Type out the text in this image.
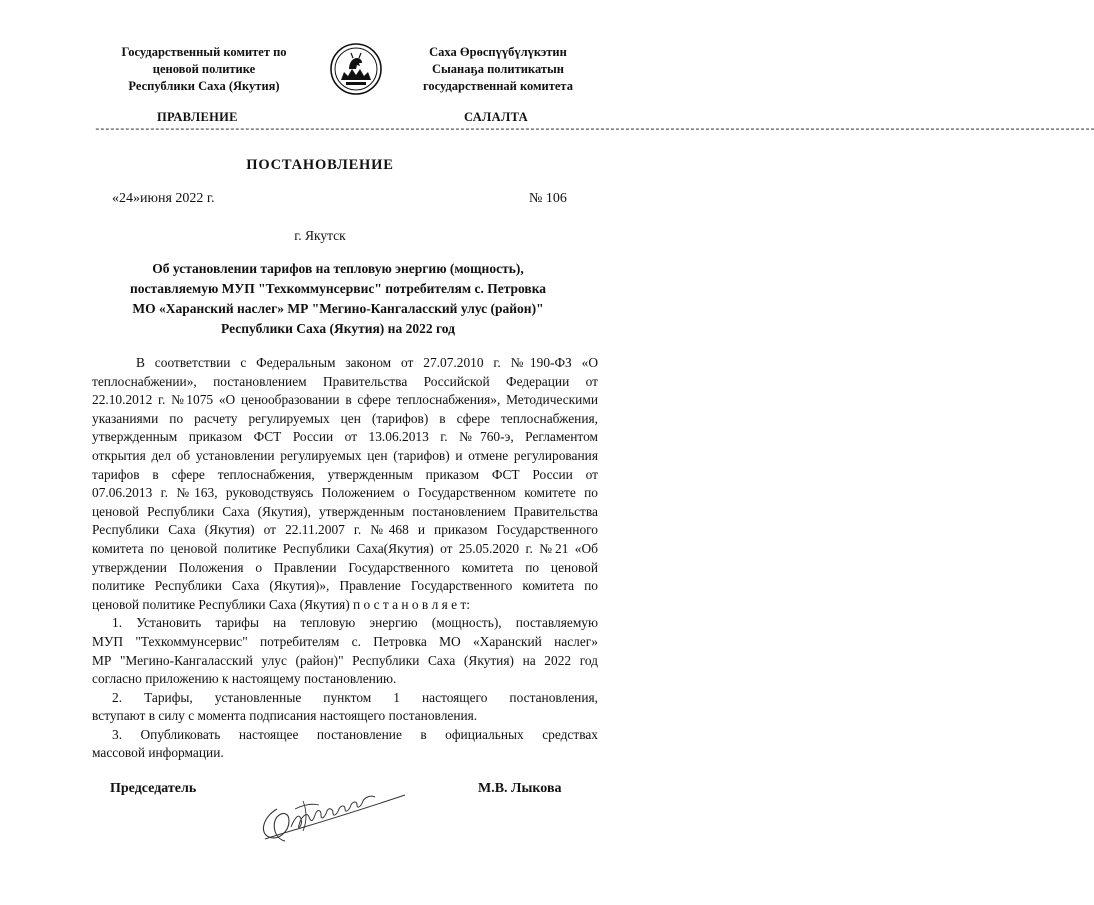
Государственный комитет по
ценовой политике
Республики Саха (Якутия)
Саха Өрөспүүбүлүкэтин
Сыанаҕа политикатын
государственнай комитета
ПРАВЛЕНИЕ	САЛАЛТА
--------------------------------------------------------------------------------------------------------------------------------------------------------------------------------------------------------
ПОСТАНОВЛЕНИЕ
«24»июня 2022 г.	№ 106
г. Якутск
Об установлении тарифов на тепловую энергию (мощность),
поставляемую МУП "Техкоммунсервис" потребителям с. Петровка
МО «Харанский наслег» МР "Мегино-Кангаласский улус (район)"
Республики Саха (Якутия) на 2022 год
В соответствии с Федеральным законом от 27.07.2010 г. №190-ФЗ «О
теплоснабжении», постановлением Правительства Российской Федерации от
22.10.2012 г. №1075 «О ценообразовании в сфере теплоснабжения», Методическими
указаниями по расчету регулируемых цен (тарифов) в сфере теплоснабжения,
утвержденным приказом ФСТ России от 13.06.2013 г. №760-э, Регламентом
открытия дел об установлении регулируемых цен (тарифов) и отмене регулирования
тарифов в сфере теплоснабжения, утвержденным приказом ФСТ России от
07.06.2013 г. №163, руководствуясь Положением о Государственном комитете по
ценовой Республики Саха (Якутия), утвержденным постановлением Правительства
Республики Саха (Якутия) от 22.11.2007 г. №468 и приказом Государственного
комитета по ценовой политике Республики Саха(Якутия) от 25.05.2020 г. №21 «Об
утверждении Положения о Правлении Государственного комитета по ценовой
политике Республики Саха (Якутия)», Правление Государственного комитета по
ценовой политике Республики Саха (Якутия) п о с т а н о в л я е т:
1. Установить тарифы на тепловую энергию (мощность), поставляемую
МУП "Техкоммунсервис" потребителям с. Петровка МО «Харанский наслег»
МР "Мегино-Кангаласский улус (район)" Республики Саха (Якутия) на 2022 год
согласно приложению к настоящему постановлению.
2. Тарифы, установленные пунктом 1 настоящего постановления,
вступают в силу с момента подписания настоящего постановления.
3. Опубликовать настоящее постановление в официальных средствах
массовой информации.
Председатель	М.В. Лыкова
